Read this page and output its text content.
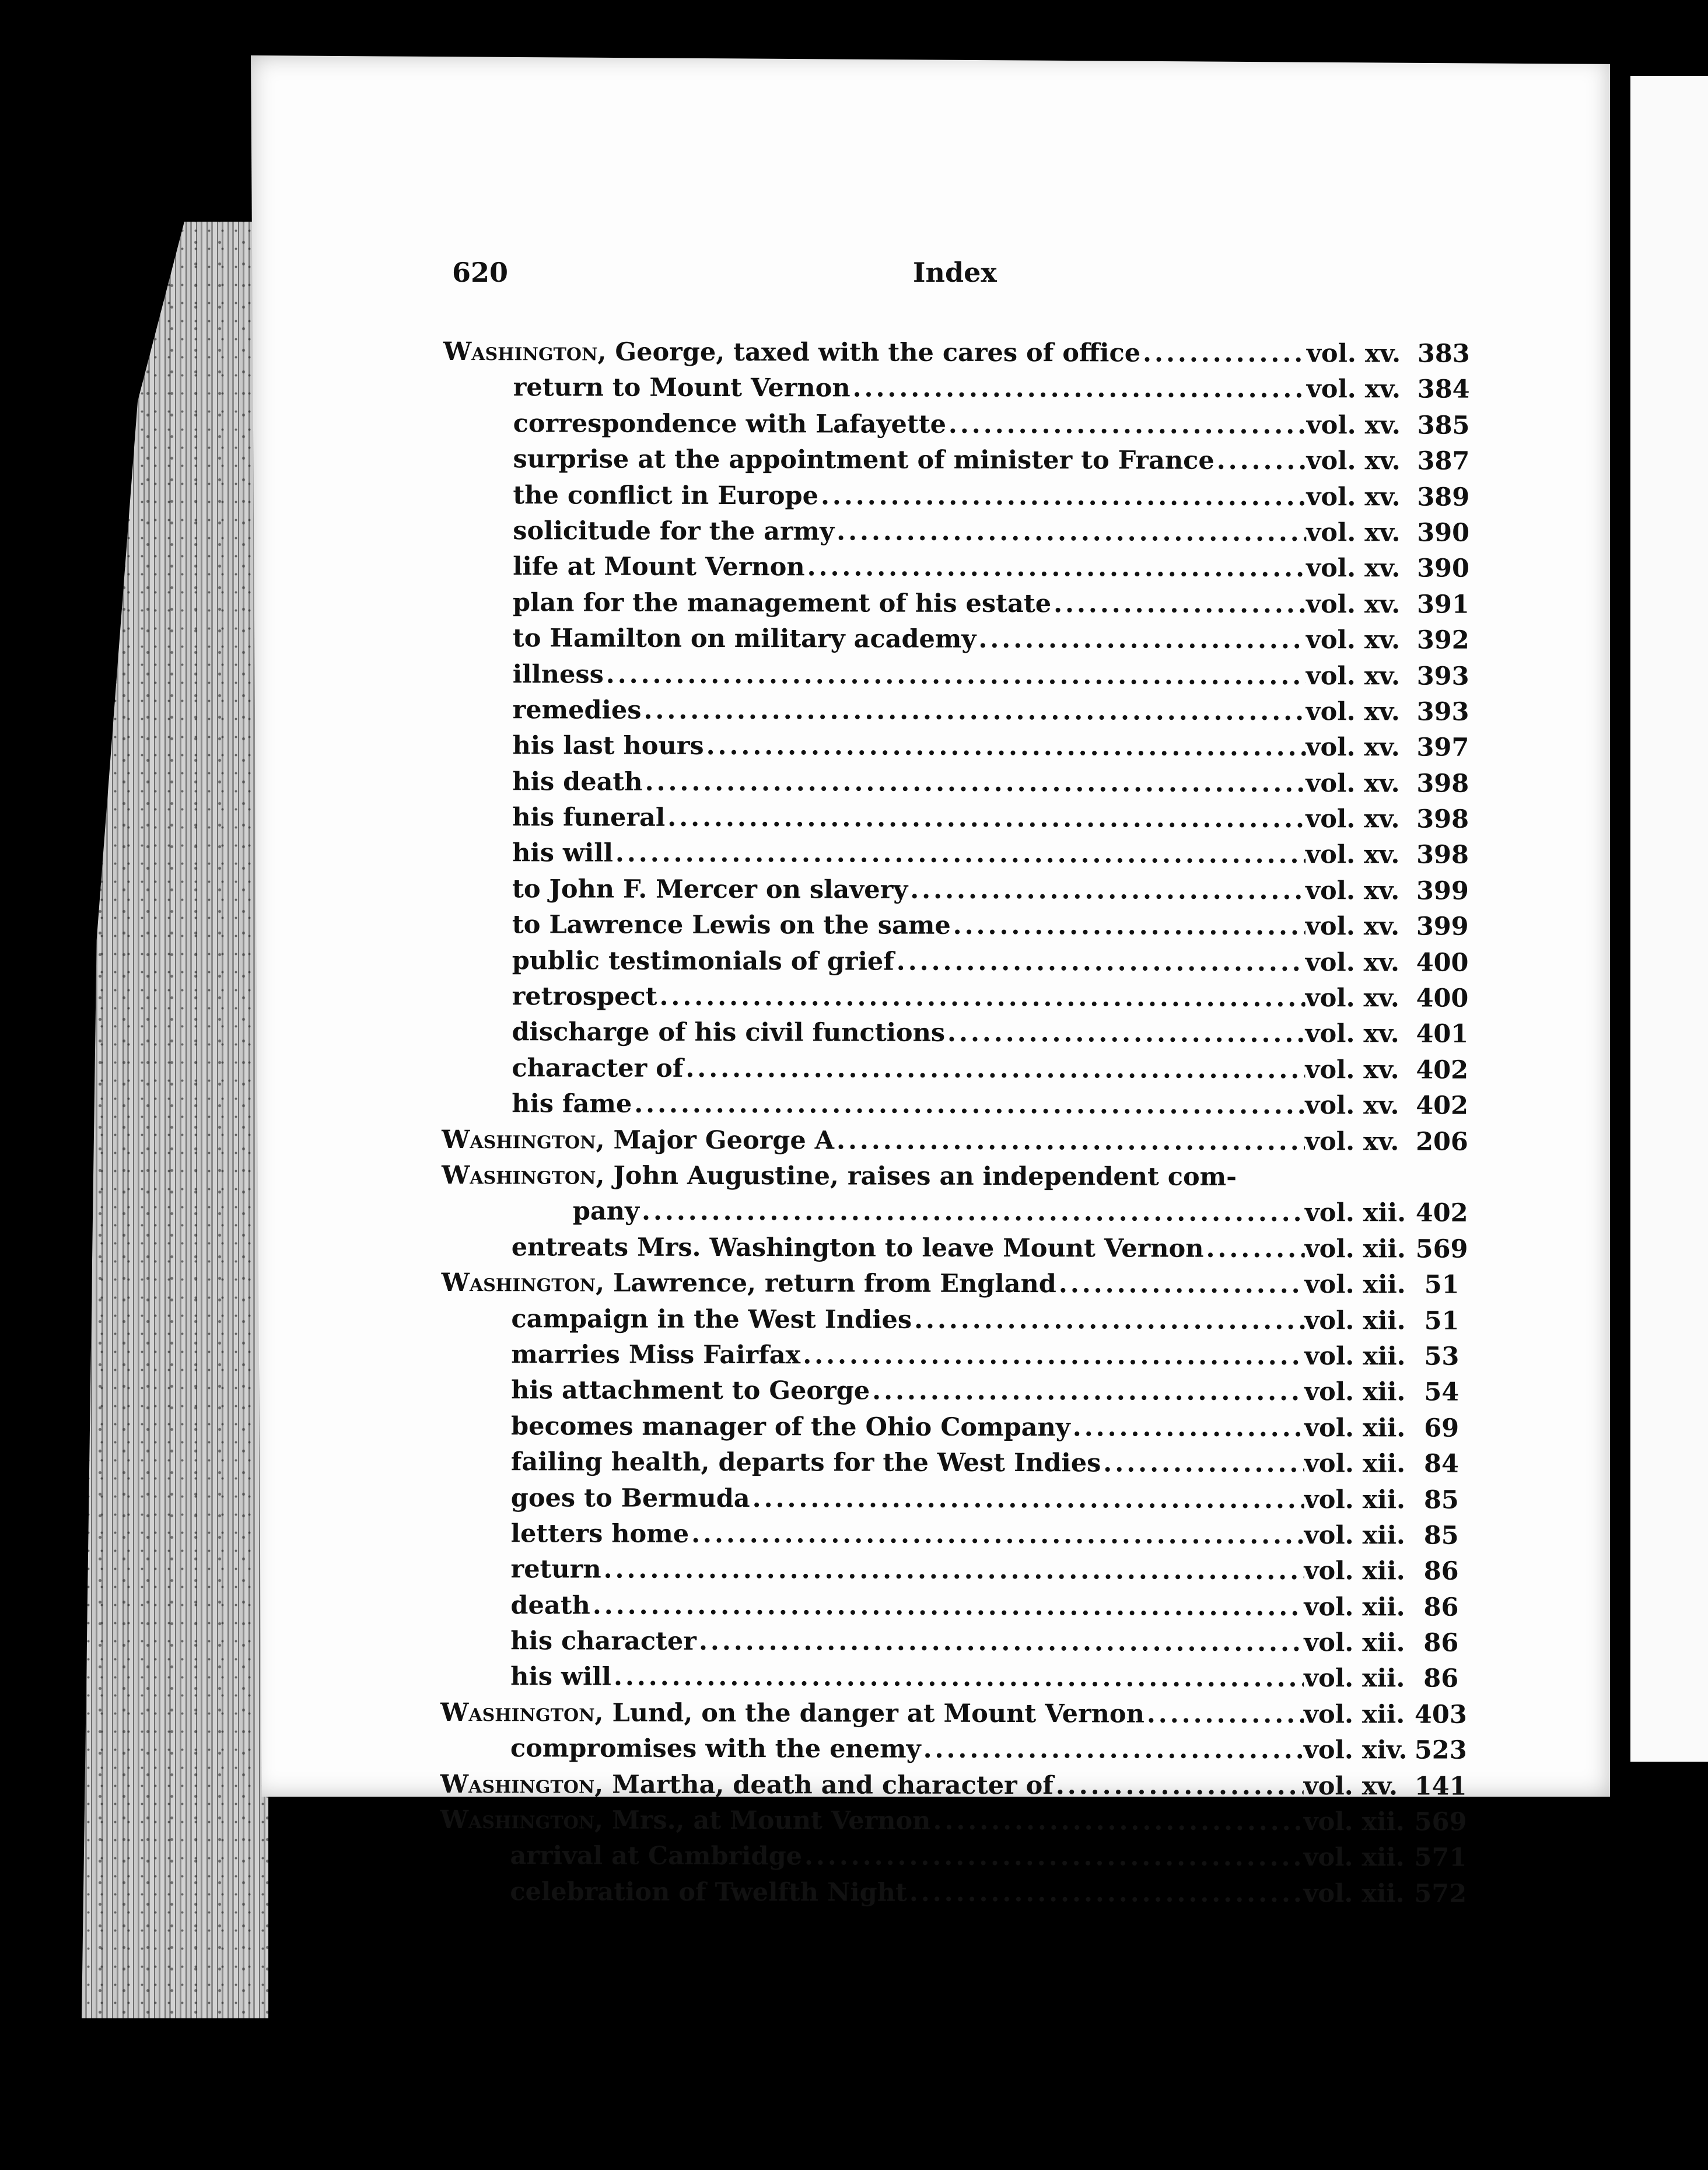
620	Index
Washington, George, taxed with the cares of office . . .	vol. xv. 383
return to Mount Vernon . . .	vol. xv. 384
correspondence with Lafayette . . .	vol. xv. 385
surprise at the appointment of minister to France . . .	vol. xv. 387
the conflict in Europe . . .	vol. xv. 389
solicitude for the army . . .	vol. xv. 390
life at Mount Vernon . . .	vol. xv. 390
plan for the management of his estate . . .	vol. xv. 391
to Hamilton on military academy . . .	vol. xv. 392
illness . . .	vol. xv. 393
remedies . . .	vol. xv. 393
his last hours . . .	vol. xv. 397
his death . . .	vol. xv. 398
his funeral . . .	vol. xv. 398
his will . . .	vol. xv. 398
to John F. Mercer on slavery . . .	vol. xv. 399
to Lawrence Lewis on the same . . .	vol. xv. 399
public testimonials of grief . . .	vol. xv. 400
retrospect . . .	vol. xv. 400
discharge of his civil functions . . .	vol. xv. 401
character of . . .	vol. xv. 402
his fame . . .	vol. xv. 402
Washington, Major George A . . .	vol. xv. 206
Washington, John Augustine, raises an independent com-
pany . . .	vol. xii. 402
entreats Mrs. Washington to leave Mount Vernon . . .	vol. xii. 569
Washington, Lawrence, return from England . . .	vol. xii. 51
campaign in the West Indies . . .	vol. xii. 51
marries Miss Fairfax . . .	vol. xii. 53
his attachment to George . . .	vol. xii. 54
becomes manager of the Ohio Company . . .	vol. xii. 69
failing health, departs for the West Indies . . .	vol. xii. 84
goes to Bermuda . . .	vol. xii. 85
letters home . . .	vol. xii. 85
return . . .	vol. xii. 86
death . . .	vol. xii. 86
his character . . .	vol. xii. 86
his will . . .	vol. xii. 86
Washington, Lund, on the danger at Mount Vernon . . .	vol. xii. 403
compromises with the enemy . . .	vol. xiv. 523
Washington, Martha, death and character of . . .	vol. xv. 141
Washington, Mrs., at Mount Vernon . . .	vol. xii. 569
arrival at Cambridge . . .	vol. xii. 571
celebration of Twelfth Night . . .	vol. xii. 572
